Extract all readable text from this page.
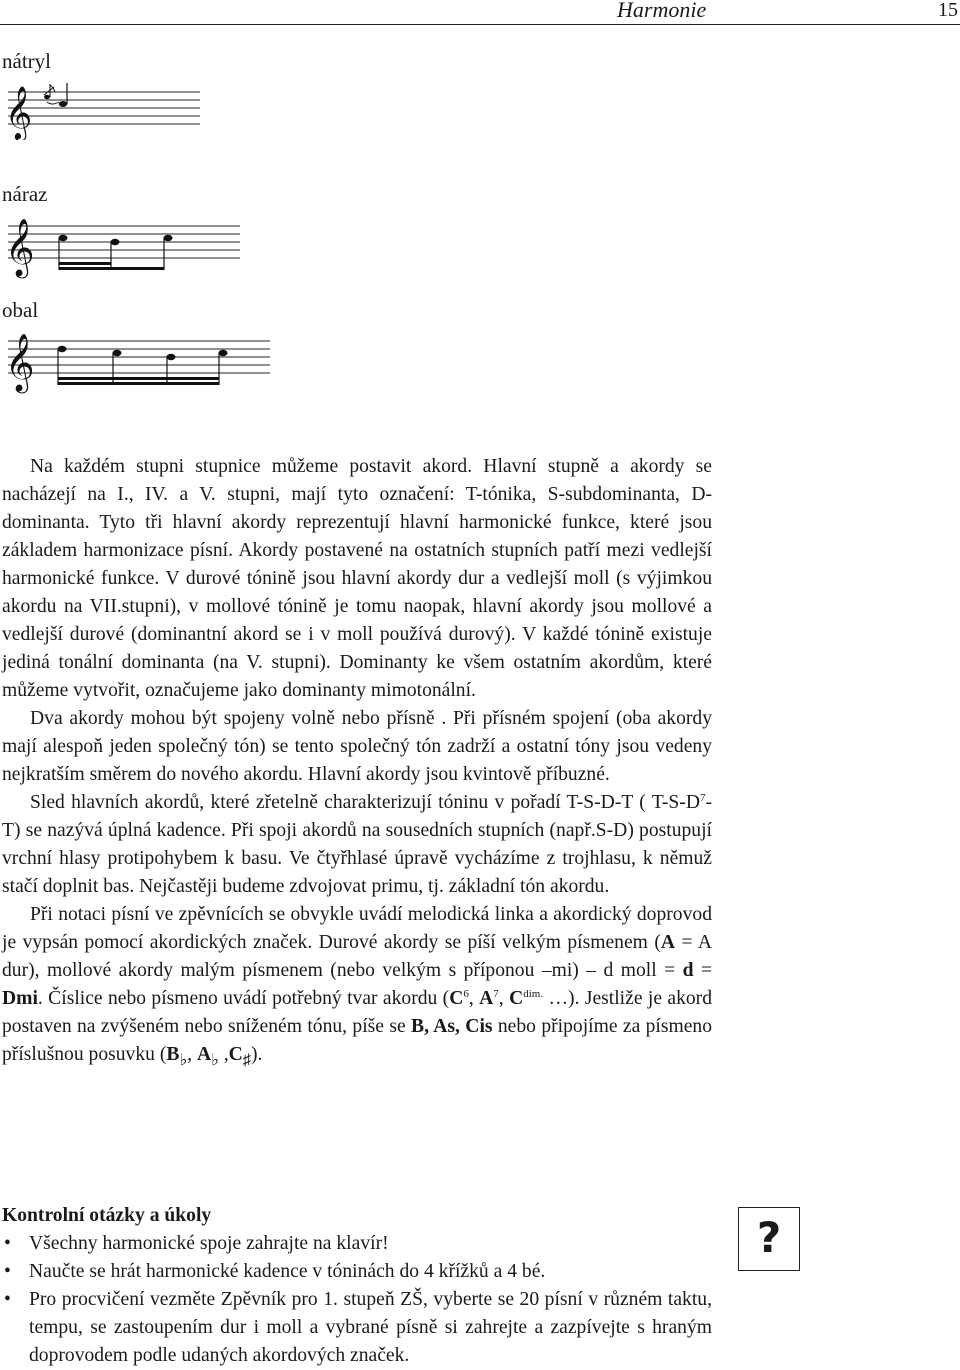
Harmonie	15
nátryl
𝄞
náraz
𝄞
obal
𝄞

Na každém stupni stupnice můžeme postavit akord. Hlavní stupně a akordy se nacházejí na I., IV. a V. stupni, mají tyto označení: T-tónika, S-subdominanta, D-dominanta. Tyto tři hlavní akordy reprezentují hlavní harmonické funkce, které jsou základem harmonizace písní. Akordy postavené na ostatních stupních patří mezi vedlejší harmonické funkce. V durové tónině jsou hlavní akordy dur a vedlejší moll (s výjimkou akordu na VII.stupni), v mollové tónině je tomu naopak, hlavní akordy jsou mollové a vedlejší durové (dominantní akord se i v moll používá durový). V každé tónině existuje jediná tonální dominanta (na V. stupni). Dominanty ke všem ostatním akordům, které můžeme vytvořit, označujeme jako dominanty mimotonální.

Dva akordy mohou být spojeny volně nebo přísně . Při přísném spojení (oba akordy mají alespoň jeden společný tón) se tento společný tón zadrží a ostatní tóny jsou vedeny nejkratším směrem do nového akordu. Hlavní akordy jsou kvintově příbuzné.

Sled hlavních akordů, které zřetelně charakterizují tóninu v pořadí T-S-D-T ( $T-S-D^7-T$) se nazývá úplná kadence. Při spoji akordů na sousedních stupních (např.S-D) postupují vrchní hlasy protipohybem k basu. Ve čtyřhlasé úpravě vycházíme z trojhlasu, k němuž stačí doplnit bas. Nejčastěji budeme zdvojovat primu, tj. základní tón akordu.

Při notaci písní ve zpěvnících se obvykle uvádí melodická linka a akordický doprovod je vypsán pomocí akordických značek. Durové akordy se píší velkým písmenem (A = A dur), mollové akordy malým písmenem (nebo velkým s příponou –mi) – d moll = d = Dmi. Číslice nebo písmeno uvádí potřebný tvar akordu ($C^6$, $A^7$, $C^{dim.}$ …). Jestliže je akord postaven na zvýšeném nebo sníženém tónu, píše se B, As, Cis nebo připojíme za písmeno příslušnou posuvku ($B_♭$, $A_♭$ $,C_♯$).

Kontrolní otázky a úkoly
• Všechny harmonické spoje zahrajte na klavír!
• Naučte se hrát harmonické kadence v tóninách do 4 křížků a 4 bé.
• Pro procvičení vezměte Zpěvník pro 1. stupeň ZŠ, vyberte se 20 písní v různém taktu, tempu, se zastoupením dur i moll a vybrané písně si zahrejte a zazpívejte s hraným doprovodem podle udaných akordových značek.
?
